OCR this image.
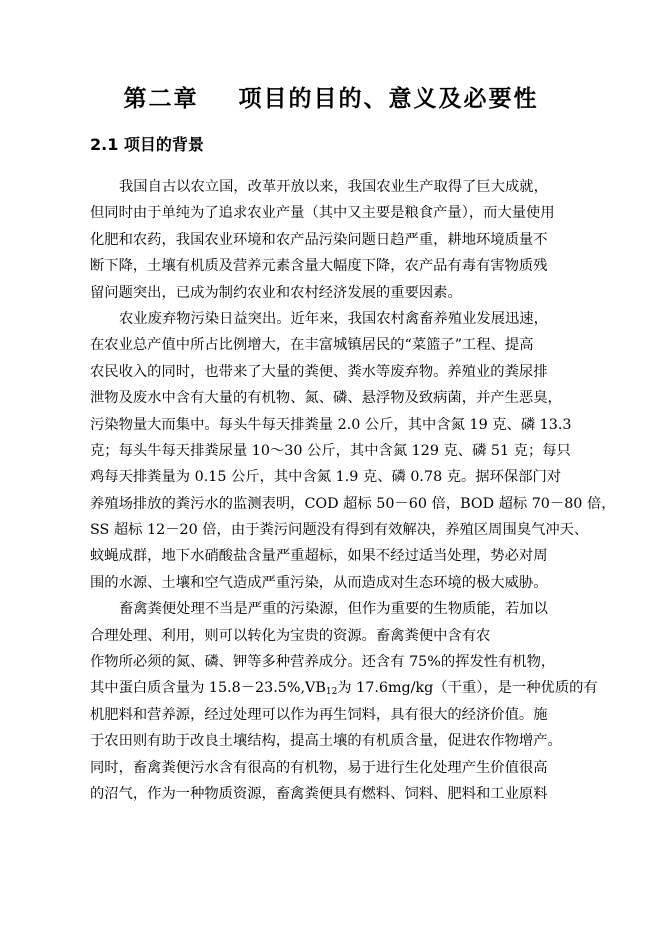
第二章    项目的目的、意义及必要性
2.1 项目的背景
我国自古以农立国，改革开放以来，我国农业生产取得了巨大成就，
但同时由于单纯为了追求农业产量（其中又主要是粮食产量），而大量使用
化肥和农药，我国农业环境和农产品污染问题日趋严重，耕地环境质量不
断下降，土壤有机质及营养元素含量大幅度下降，农产品有毒有害物质残
留问题突出，已成为制约农业和农村经济发展的重要因素。
农业废弃物污染日益突出。近年来，我国农村禽畜养殖业发展迅速，
在农业总产值中所占比例增大，在丰富城镇居民的“菜篮子”工程、提高
农民收入的同时，也带来了大量的粪便、粪水等废弃物。养殖业的粪尿排
泄物及废水中含有大量的有机物、氮、磷、悬浮物及致病菌，并产生恶臭，
污染物量大而集中。每头牛每天排粪量 2.0 公斤，其中含氮 19 克、磷 13.3
克；每头牛每天排粪尿量 10～30 公斤，其中含氮 129 克、磷 51 克；每只
鸡每天排粪量为 0.15 公斤，其中含氮 1.9 克、磷 0.78 克。据环保部门对
养殖场排放的粪污水的监测表明，COD 超标 50－60 倍，BOD 超标 70－80 倍，
SS 超标 12－20 倍，由于粪污问题没有得到有效解决，养殖区周围臭气冲天、
蚊蝇成群，地下水硝酸盐含量严重超标，如果不经过适当处理，势必对周
围的水源、土壤和空气造成严重污染，从而造成对生态环境的极大威胁。
畜禽粪便处理不当是严重的污染源，但作为重要的生物质能，若加以
合理处理、利用，则可以转化为宝贵的资源。畜禽粪便中含有农
作物所必须的氮、磷、钾等多种营养成分。还含有 75%的挥发性有机物，
其中蛋白质含量为 $15.8-23.5\%,VB_{12}$为 17.6mg/kg（干重），是一种优质的有
机肥料和营养源，经过处理可以作为再生饲料，具有很大的经济价值。施
于农田则有助于改良土壤结构，提高土壤的有机质含量，促进农作物增产。
同时，畜禽粪便污水含有很高的有机物，易于进行生化处理产生价值很高
的沼气，作为一种物质资源，畜禽粪便具有燃料、饲料、肥料和工业原料
